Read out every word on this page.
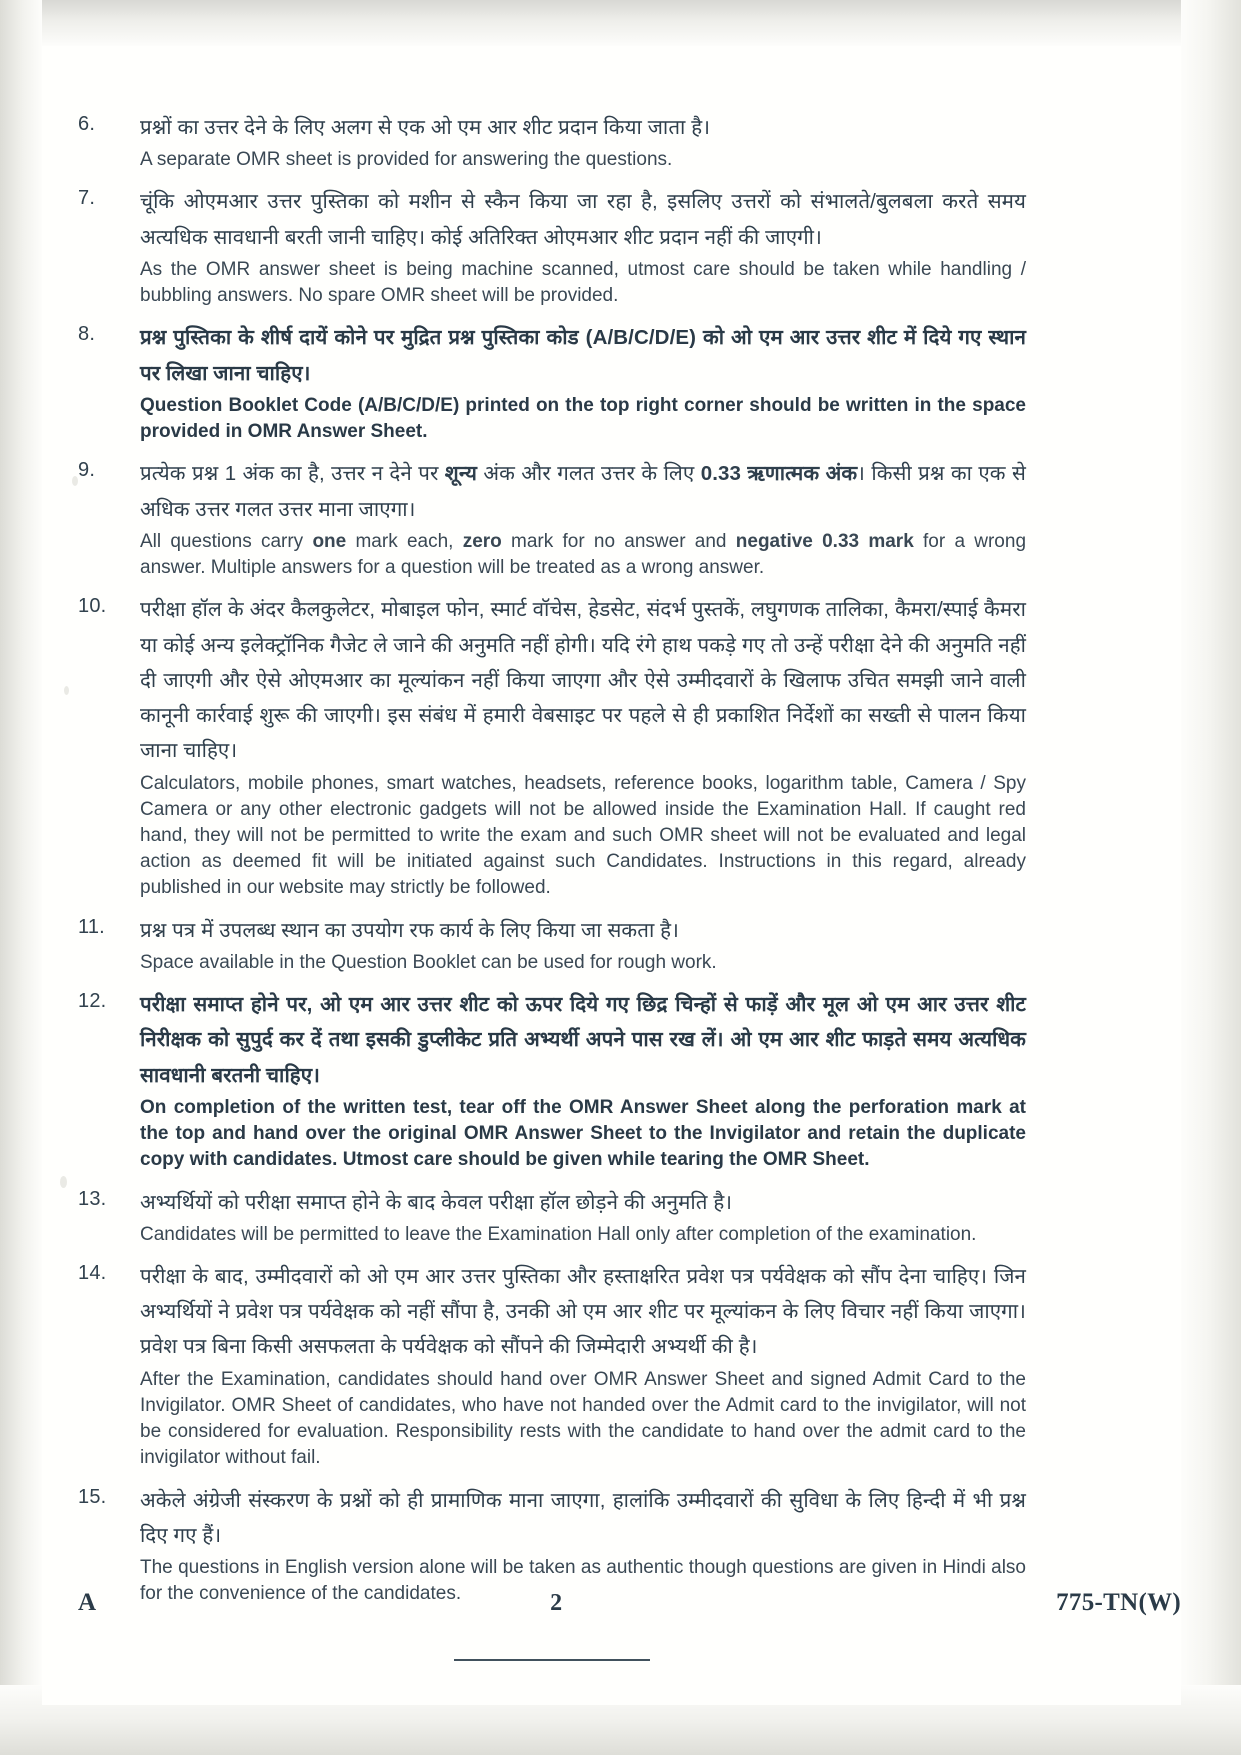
6.	प्रश्नों का उत्तर देने के लिए अलग से एक ओ एम आर शीट प्रदान किया जाता है।

A separate OMR sheet is provided for answering the questions.

7.	चूंकि ओएमआर उत्तर पुस्तिका को मशीन से स्कैन किया जा रहा है, इसलिए उत्तरों को संभालते/बुलबला करते समय अत्यधिक सावधानी बरती जानी चाहिए। कोई अतिरिक्त ओएमआर शीट प्रदान नहीं की जाएगी।

As the OMR answer sheet is being machine scanned, utmost care should be taken while handling / bubbling answers. No spare OMR sheet will be provided.

8.	प्रश्न पुस्तिका के शीर्ष दायें कोने पर मुद्रित प्रश्न पुस्तिका कोड (A/B/C/D/E) को ओ एम आर उत्तर शीट में दिये गए स्थान पर लिखा जाना चाहिए।

Question Booklet Code (A/B/C/D/E) printed on the top right corner should be written in the space provided in OMR Answer Sheet.

9.	प्रत्येक प्रश्न 1 अंक का है, उत्तर न देने पर शून्य अंक और गलत उत्तर के लिए 0.33 ऋणात्मक अंक। किसी प्रश्न का एक से अधिक उत्तर गलत उत्तर माना जाएगा।

All questions carry one mark each, zero mark for no answer and negative 0.33 mark for a wrong answer. Multiple answers for a question will be treated as a wrong answer.

10.	परीक्षा हॉल के अंदर कैलकुलेटर, मोबाइल फोन, स्मार्ट वॉचेस, हेडसेट, संदर्भ पुस्तकें, लघुगणक तालिका, कैमरा/स्पाई कैमरा या कोई अन्य इलेक्ट्रॉनिक गैजेट ले जाने की अनुमति नहीं होगी। यदि रंगे हाथ पकड़े गए तो उन्हें परीक्षा देने की अनुमति नहीं दी जाएगी और ऐसे ओएमआर का मूल्यांकन नहीं किया जाएगा और ऐसे उम्मीदवारों के खिलाफ उचित समझी जाने वाली कानूनी कार्रवाई शुरू की जाएगी। इस संबंध में हमारी वेबसाइट पर पहले से ही प्रकाशित निर्देशों का सख्ती से पालन किया जाना चाहिए।

Calculators, mobile phones, smart watches, headsets, reference books, logarithm table, Camera / Spy Camera or any other electronic gadgets will not be allowed inside the Examination Hall. If caught red hand, they will not be permitted to write the exam and such OMR sheet will not be evaluated and legal action as deemed fit will be initiated against such Candidates. Instructions in this regard, already published in our website may strictly be followed.

11.	प्रश्न पत्र में उपलब्ध स्थान का उपयोग रफ कार्य के लिए किया जा सकता है।

Space available in the Question Booklet can be used for rough work.

12.	परीक्षा समाप्त होने पर, ओ एम आर उत्तर शीट को ऊपर दिये गए छिद्र चिन्हों से फाड़ें और मूल ओ एम आर उत्तर शीट निरीक्षक को सुपुर्द कर दें तथा इसकी डुप्लीकेट प्रति अभ्यर्थी अपने पास रख लें। ओ एम आर शीट फाड़ते समय अत्यधिक सावधानी बरतनी चाहिए।

On completion of the written test, tear off the OMR Answer Sheet along the perforation mark at the top and hand over the original OMR Answer Sheet to the Invigilator and retain the duplicate copy with candidates. Utmost care should be given while tearing the OMR Sheet.

13.	अभ्यर्थियों को परीक्षा समाप्त होने के बाद केवल परीक्षा हॉल छोड़ने की अनुमति है।

Candidates will be permitted to leave the Examination Hall only after completion of the examination.

14.	परीक्षा के बाद, उम्मीदवारों को ओ एम आर उत्तर पुस्तिका और हस्ताक्षरित प्रवेश पत्र पर्यवेक्षक को सौंप देना चाहिए। जिन अभ्यर्थियों ने प्रवेश पत्र पर्यवेक्षक को नहीं सौंपा है, उनकी ओ एम आर शीट पर मूल्यांकन के लिए विचार नहीं किया जाएगा। प्रवेश पत्र बिना किसी असफलता के पर्यवेक्षक को सौंपने की जिम्मेदारी अभ्यर्थी की है।

After the Examination, candidates should hand over OMR Answer Sheet and signed Admit Card to the Invigilator. OMR Sheet of candidates, who have not handed over the Admit card to the invigilator, will not be considered for evaluation. Responsibility rests with the candidate to hand over the admit card to the invigilator without fail.

15.	अकेले अंग्रेजी संस्करण के प्रश्नों को ही प्रामाणिक माना जाएगा, हालांकि उम्मीदवारों की सुविधा के लिए हिन्दी में भी प्रश्न दिए गए हैं।

The questions in English version alone will be taken as authentic though questions are given in Hindi also for the convenience of the candidates.

A	2	775-TN(W)
